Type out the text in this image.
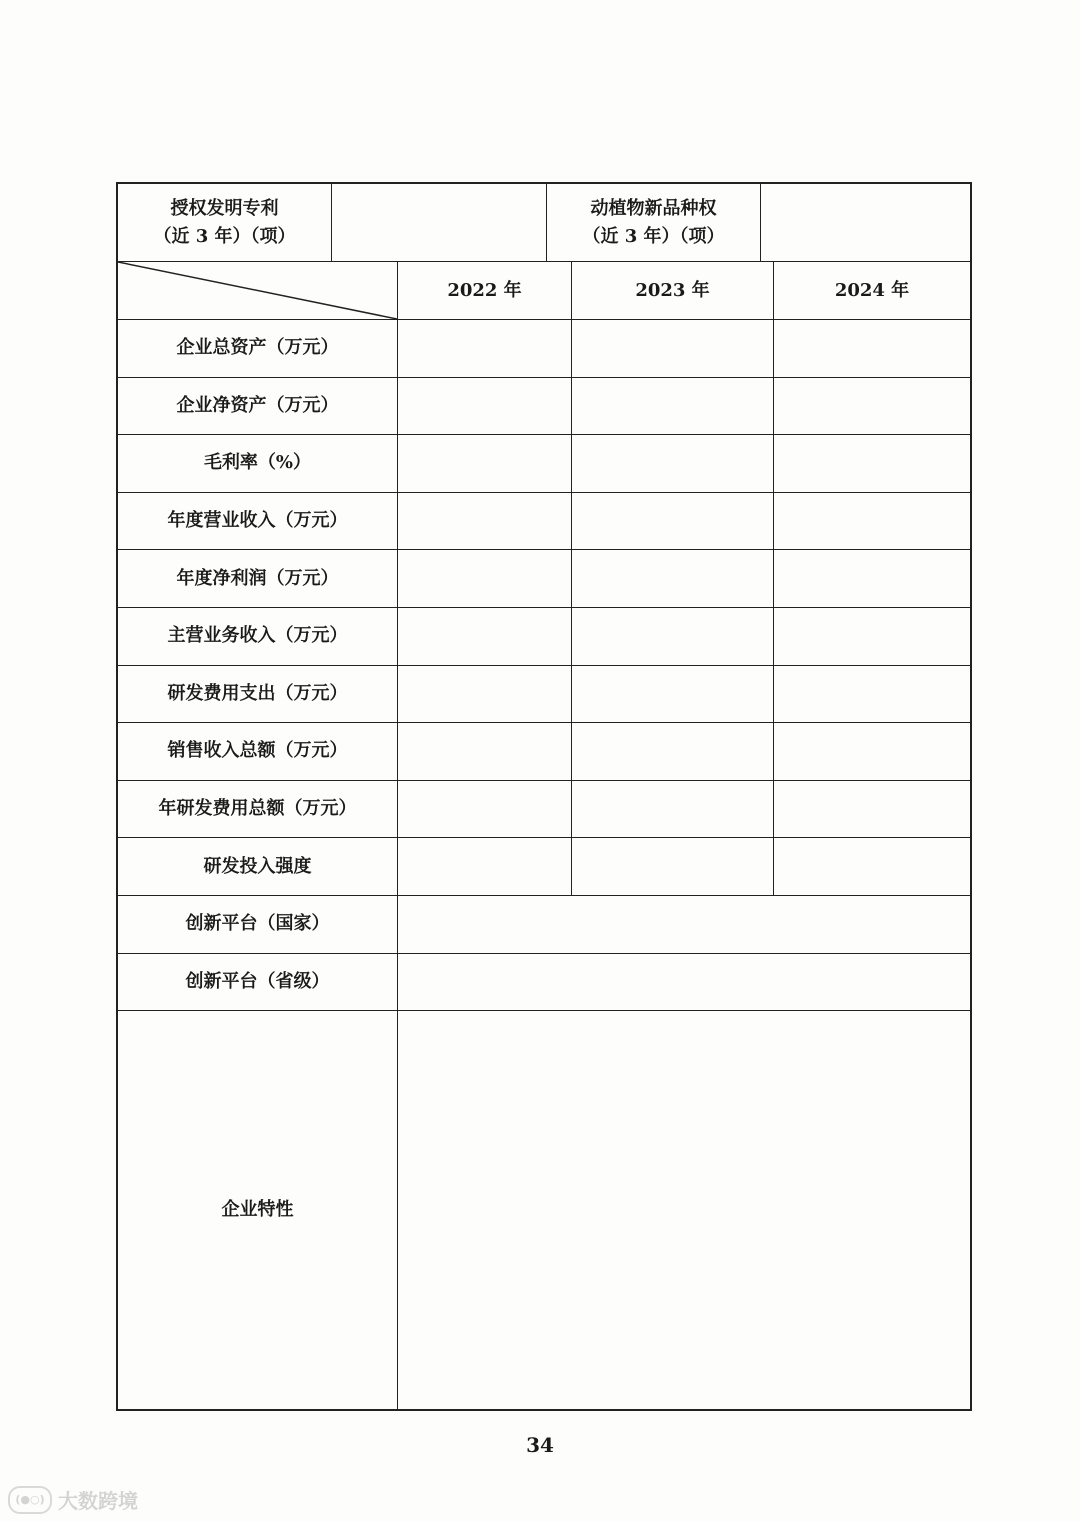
授权发明专利
（近 3 年）（项）
动植物新品种权
（近 3 年）（项）
2022 年	2023 年	2024 年
企业总资产（万元）
企业净资产（万元）
毛利率（%）
年度营业收入（万元）
年度净利润（万元）
主营业务收入（万元）
研发费用支出（万元）
销售收入总额（万元）
年研发费用总额（万元）
研发投入强度
创新平台（国家）
创新平台（省级）
企业特性
34
(●○) 大数跨境
